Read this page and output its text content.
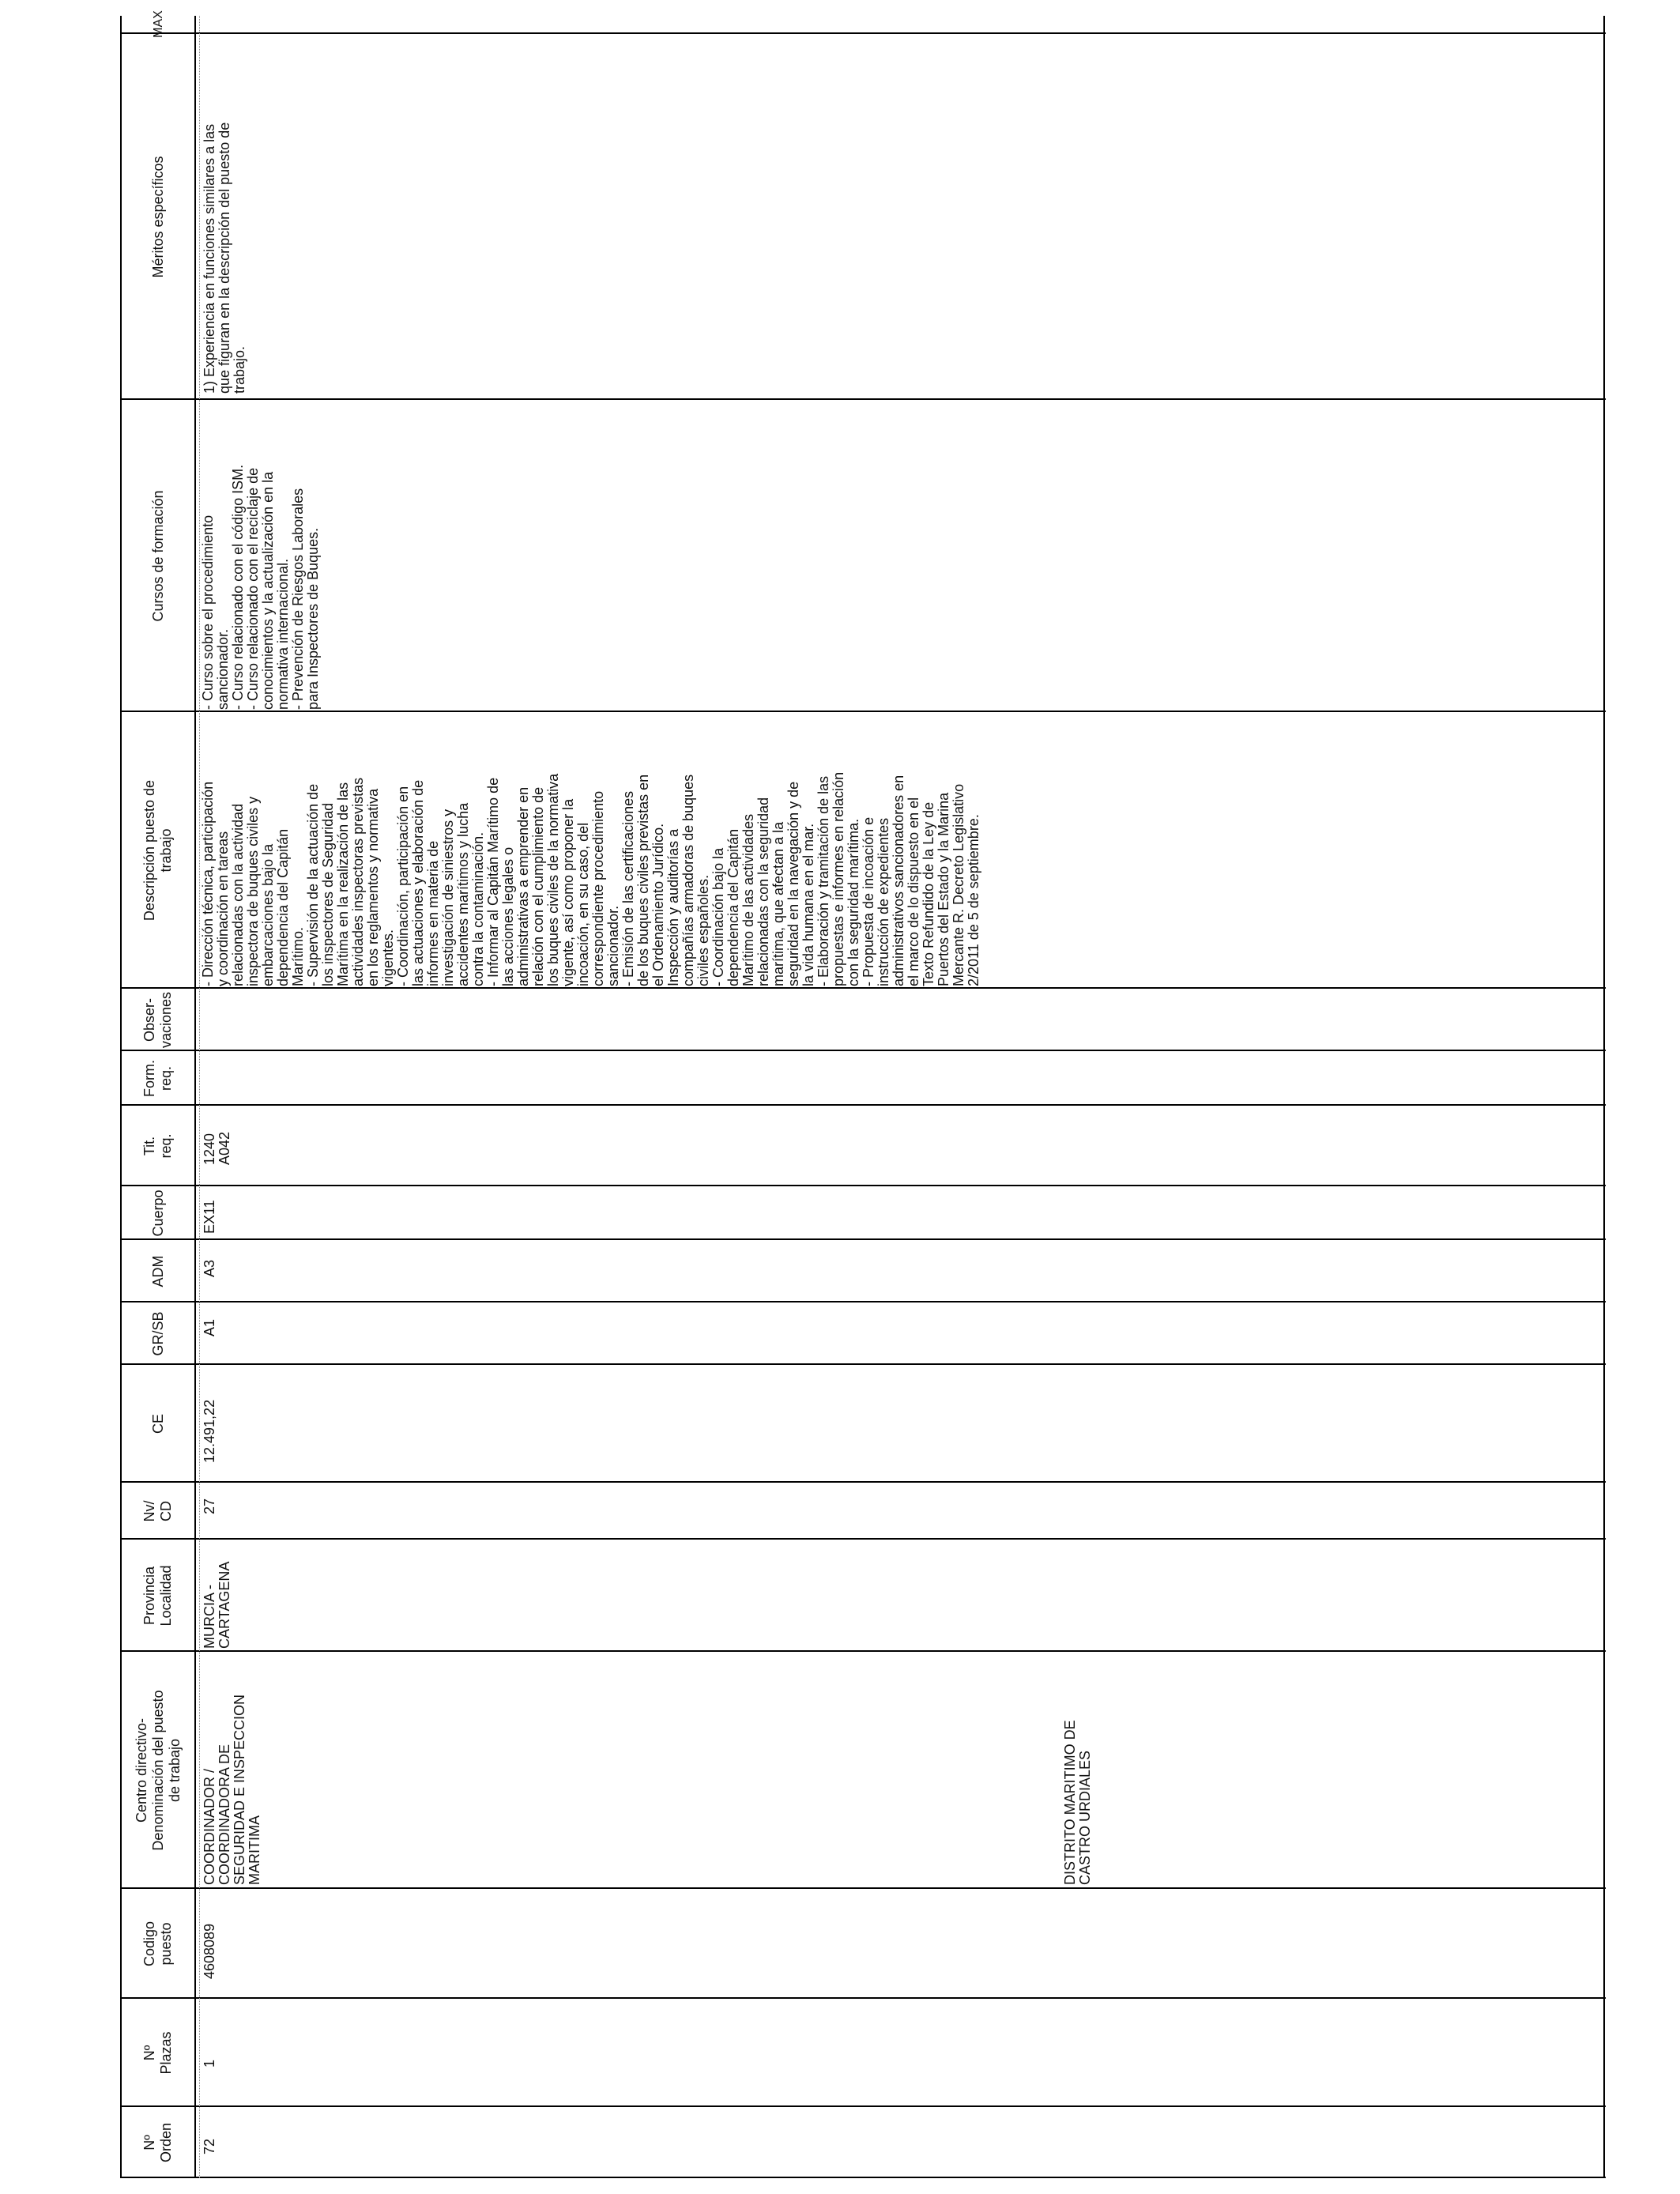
Nº
Orden
Nº
Plazas
Codigo
puesto
Centro directivo-
Denominación del puesto
de trabajo
Provincia
Localidad
Nv/
CD
CE
GR/SB
ADM
Cuerpo
Tit.
req.
Form.
req.
Obser-
vaciones
Descripción puesto de
trabajo
Cursos de formación
Méritos específicos
MAX
72
1
4608089
COORDINADOR /
COORDINADORA DE
SEGURIDAD E INSPECCION
MARITIMA
MURCIA -
CARTAGENA
27
12.491,22
A1
A3
EX11
1240
A042
- Dirección técnica, participación
y coordinación en tareas
relacionadas con la actividad
inspectora de buques civiles y
embarcaciones bajo la
dependencia del Capitán
Marítimo.
- Supervisión de la actuación de
los inspectores de Seguridad
Marítima en la realización de las
actividades inspectoras previstas
en los reglamentos y normativa
vigentes.
- Coordinación, participación en
las actuaciones y elaboración de
informes en materia de
investigación de siniestros y
accidentes marítimos y lucha
contra la contaminación.
- Informar al Capitán Marítimo de
las acciones legales o
administrativas a emprender en
relación con el cumplimiento de
los buques civiles de la normativa
vigente, así como proponer la
incoación, en su caso, del
correspondiente procedimiento
sancionador.
- Emisión de las certificaciones
de los buques civiles previstas en
el Ordenamiento Jurídico.
Inspección y auditorías a
compañías armadoras de buques
civiles españoles.
- Coordinación bajo la
dependencia del Capitán
Marítimo de las actividades
relacionadas con la seguridad
marítima, que afectan a la
seguridad en la navegación y de
la vida humana en el mar.
- Elaboración y tramitación de las
propuestas e informes en relación
con la seguridad marítima.
- Propuesta de incoación e
instrucción de expedientes
administrativos sancionadores en
el marco de lo dispuesto en el
Texto Refundido de la Ley de
Puertos del Estado y la Marina
Mercante R. Decreto Legislativo
2/2011 de 5 de septiembre.
- Curso sobre el procedimiento
sancionador.
- Curso relacionado con el código ISM.
- Curso relacionado con el reciclaje de
conocimientos y la actualización en la
normativa internacional.
- Prevención de Riesgos Laborales
para Inspectores de Buques.
1) Experiencia en funciones similares a las
que figuran en la descripción del puesto de
trabajo.
DISTRITO MARITIMO DE
CASTRO URDIALES
